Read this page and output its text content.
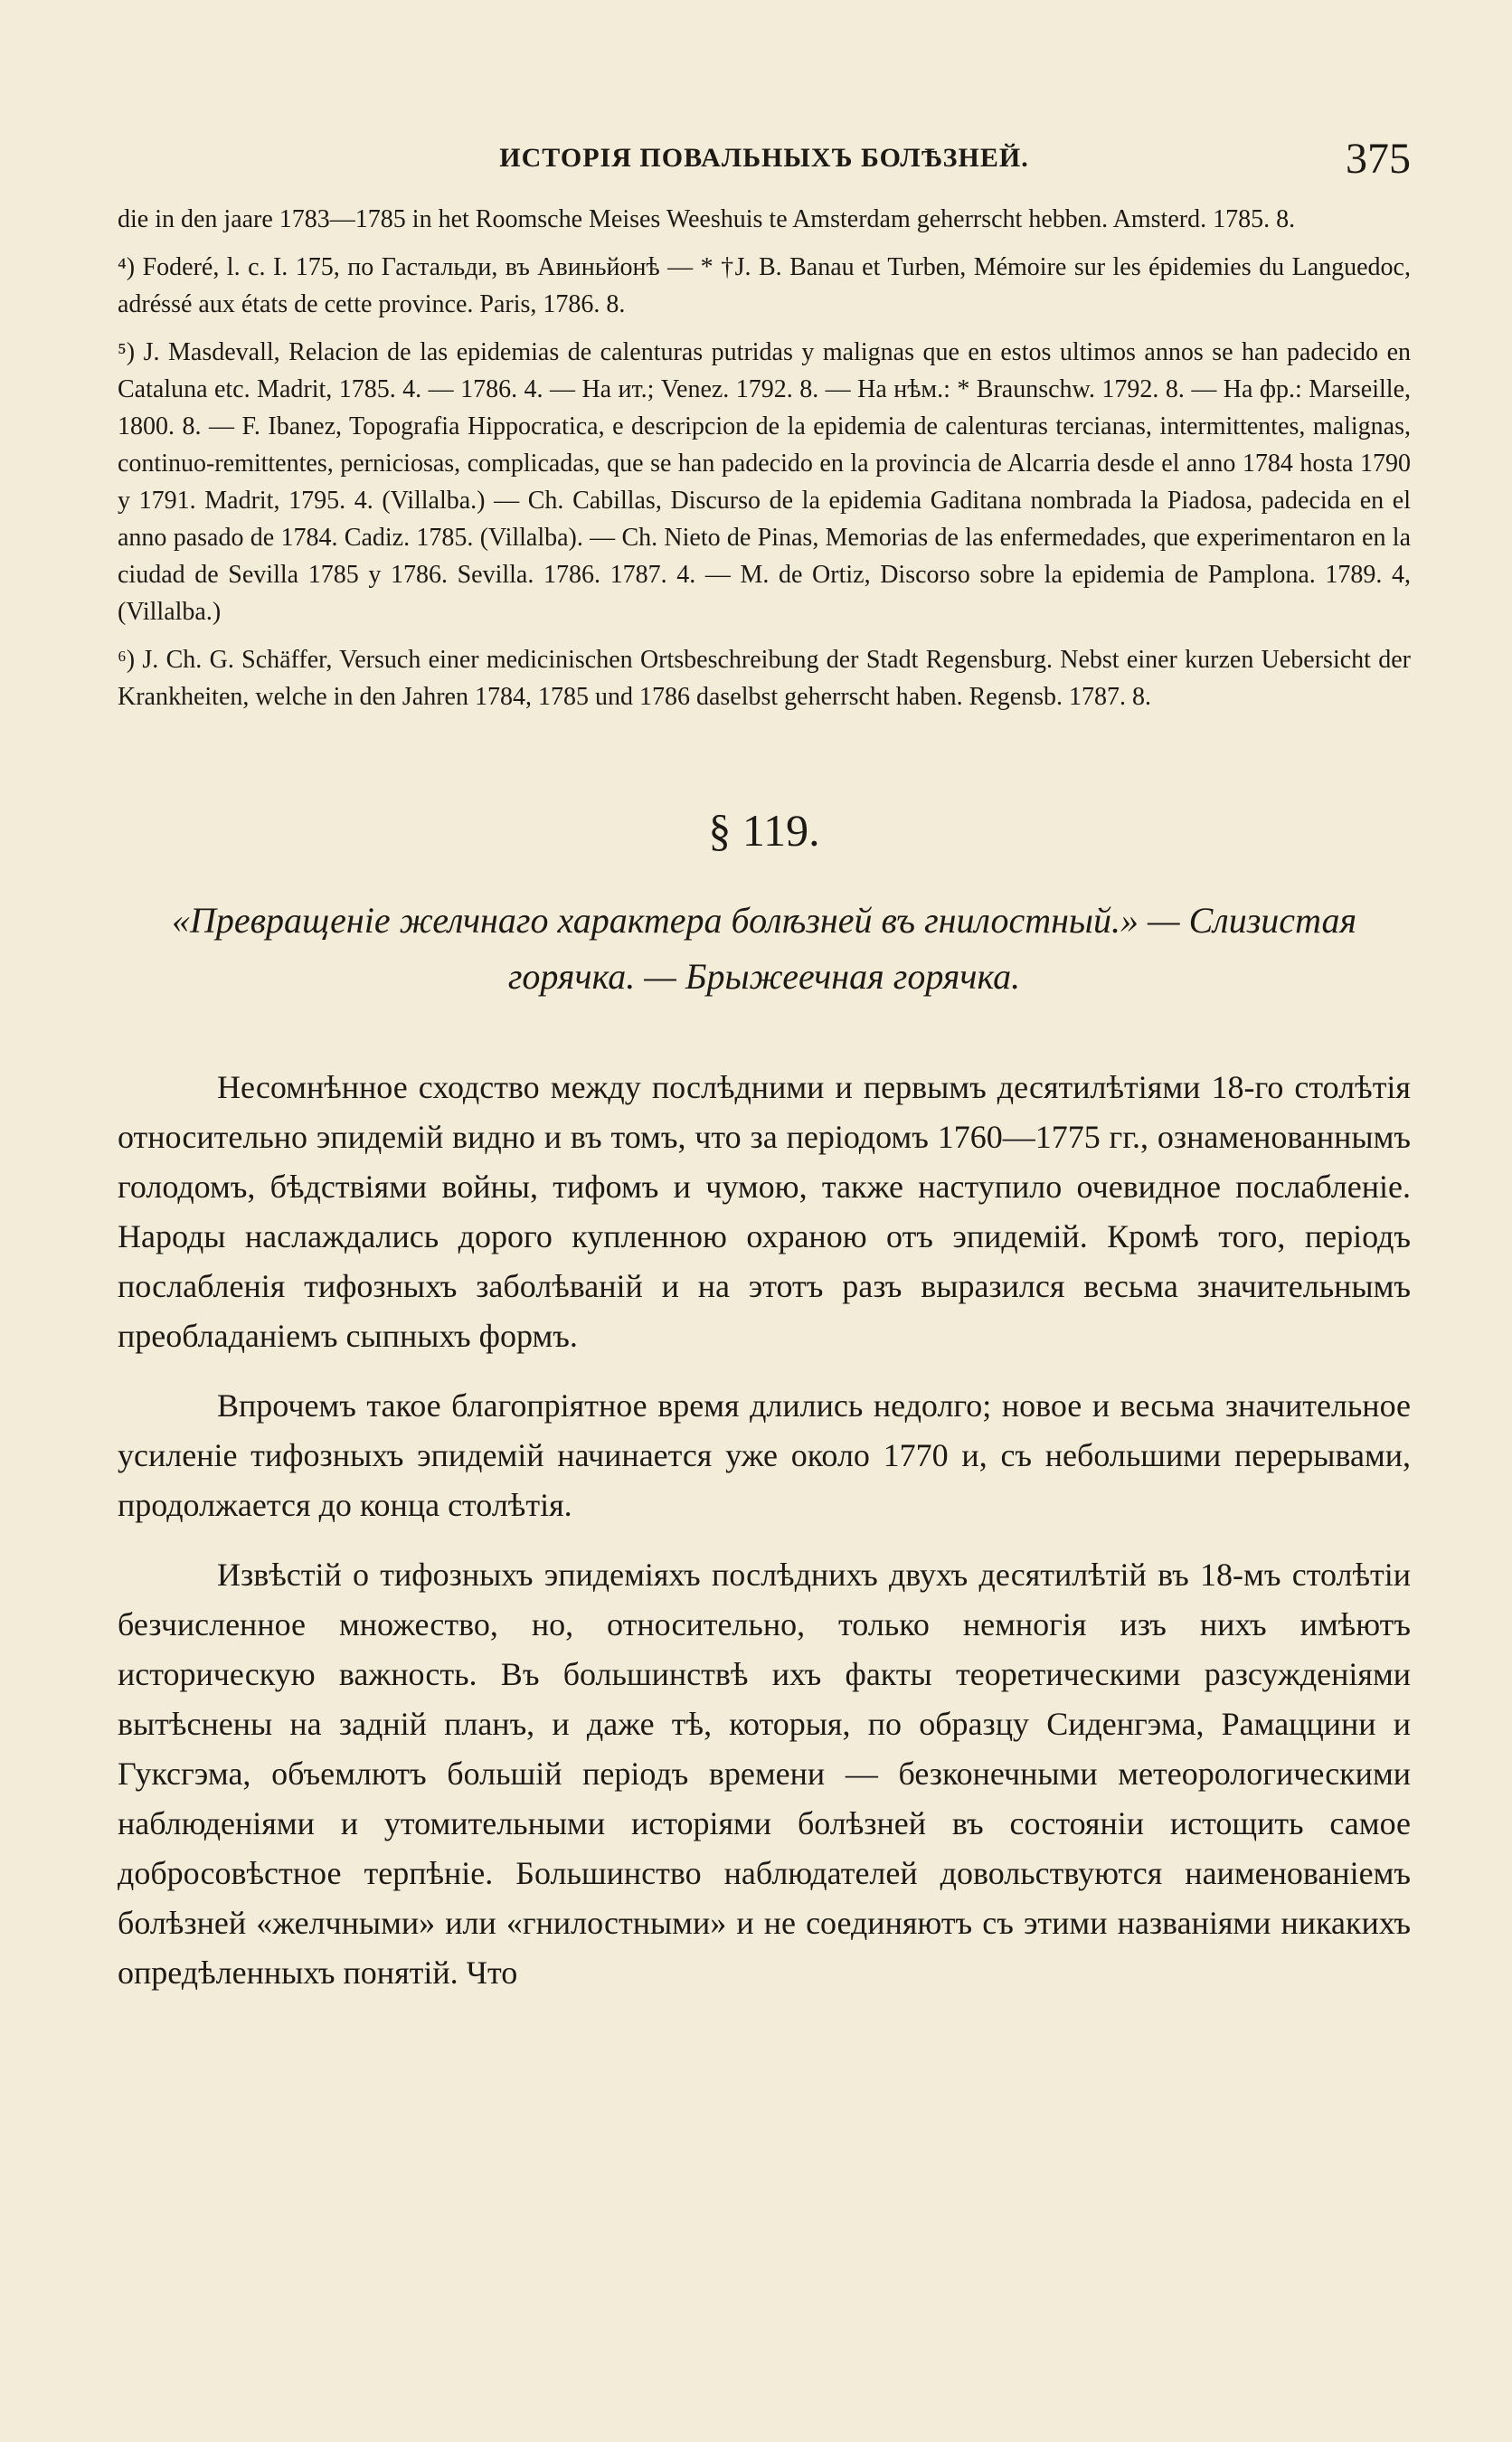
ИСТОРІЯ ПОВАЛЬНЫХЪ БОЛѢЗНЕЙ.	375

die in den jaare 1783—1785 in het Roomsche Meises Weeshuis te Amsterdam geherrscht hebben. Amsterd. 1785. 8.

⁴) Foderé, l. c. I. 175, по Гастальди, въ Авиньйонѣ — * †J. B. Banau et Turben, Mémoire sur les épidemies du Languedoc, adréssé aux états de cette province. Paris, 1786. 8.

⁵) J. Masdevall, Relacion de las epidemias de calenturas putridas y malignas que en estos ultimos annos se han padecido en Cataluna etc. Madrit, 1785. 4. — 1786. 4. — На ит.; Venez. 1792. 8. — На нѣм.: * Braunschw. 1792. 8. — На фр.: Marseille, 1800. 8. — F. Ibanez, Topografia Hippocratica, e descripcion de la epidemia de calenturas tercianas, intermittentes, malignas, continuo-remittentes, perniciosas, complicadas, que se han padecido en la provincia de Alcarria desde el anno 1784 hosta 1790 y 1791. Madrit, 1795. 4. (Villalba.) — Ch. Cabillas, Discurso de la epidemia Gaditana nombrada la Piadosa, padecida en el anno pasado de 1784. Cadiz. 1785. (Villalba). — Ch. Nieto de Pinas, Memorias de las enfermedades, que experimentaron en la ciudad de Sevilla 1785 y 1786. Sevilla. 1786. 1787. 4. — M. de Ortiz, Discorso sobre la epidemia de Pamplona. 1789. 4, (Villalba.)

⁶) J. Ch. G. Schäffer, Versuch einer medicinischen Ortsbeschreibung der Stadt Regensburg. Nebst einer kurzen Uebersicht der Krankheiten, welche in den Jahren 1784, 1785 und 1786 daselbst geherrscht haben. Regensb. 1787. 8.

§ 119.
«Превращеніе желчнаго характера болѣзней въ гнилостный.» — Слизистая горячка. — Брыжеечная горячка.

Несомнѣнное сходство между послѣдними и первымъ десятилѣтіями 18-го столѣтія относительно эпидемій видно и въ томъ, что за періодомъ 1760—1775 гг., ознаменованнымъ голодомъ, бѣдствіями войны, тифомъ и чумою, также наступило очевидное послабленіе. Народы наслаждались дорого купленною охраною отъ эпидемій. Кромѣ того, періодъ послабленія тифозныхъ заболѣваній и на этотъ разъ выразился весьма значительнымъ преобладаніемъ сыпныхъ формъ.

Впрочемъ такое благопріятное время длились недолго; новое и весьма значительное усиленіе тифозныхъ эпидемій начинается уже около 1770 и, съ небольшими перерывами, продолжается до конца столѣтія.

Извѣстій о тифозныхъ эпидеміяхъ послѣднихъ двухъ десятилѣтій въ 18-мъ столѣтіи безчисленное множество, но, относительно, только немногія изъ нихъ имѣютъ историческую важность. Въ большинствѣ ихъ факты теоретическими разсужденіями вытѣснены на задній планъ, и даже тѣ, которыя, по образцу Сиденгэма, Рамаццини и Гуксгэма, объемлютъ большій періодъ времени — безконечными метеорологическими наблюденіями и утомительными исторіями болѣзней въ состояніи истощить самое добросовѣстное терпѣніе. Большинство наблюдателей довольствуются наименованіемъ болѣзней «желчными» или «гнилостными» и не соединяютъ съ этими названіями никакихъ опредѣленныхъ понятій. Что
